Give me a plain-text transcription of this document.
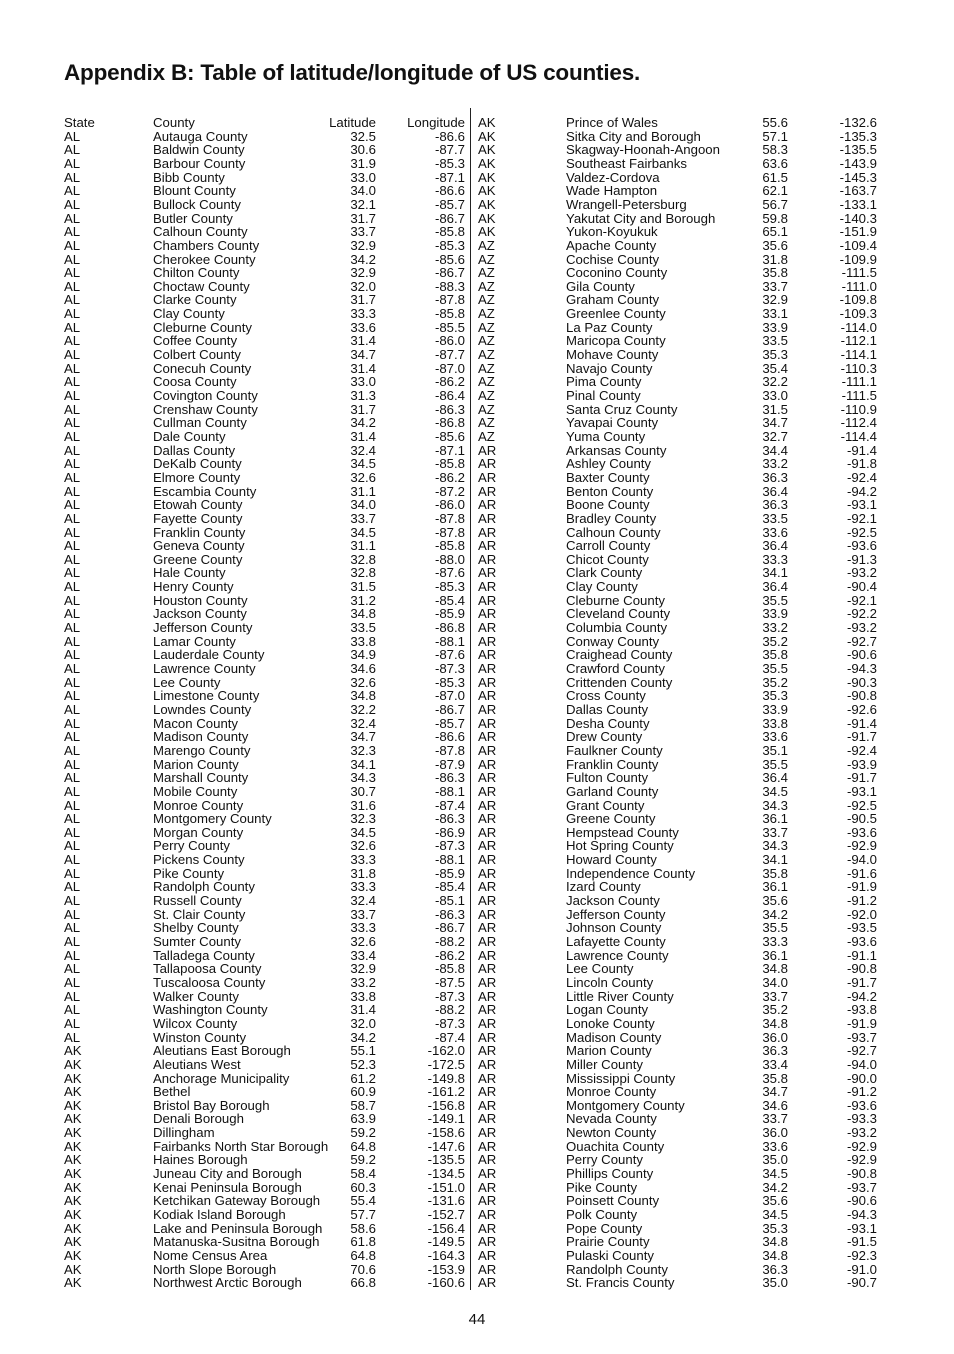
Appendix B: Table of latitude/longitude of US counties.
State	County	Latitude Longitude
AL	Autauga County	32.5	-86.6
AL	Baldwin County	30.6	-87.7
AL	Barbour County	31.9	-85.3
AL	Bibb County	33.0	-87.1
AL	Blount County	34.0	-86.6
AL	Bullock County	32.1	-85.7
AL	Butler County	31.7	-86.7
AL	Calhoun County	33.7	-85.8
AL	Chambers County	32.9	-85.3
AL	Cherokee County	34.2	-85.6
AL	Chilton County	32.9	-86.7
AL	Choctaw County	32.0	-88.3
AL	Clarke County	31.7	-87.8
AL	Clay County	33.3	-85.8
AL	Cleburne County	33.6	-85.5
AL	Coffee County	31.4	-86.0
AL	Colbert County	34.7	-87.7
AL	Conecuh County	31.4	-87.0
AL	Coosa County	33.0	-86.2
AL	Covington County	31.3	-86.4
AL	Crenshaw County	31.7	-86.3
AL	Cullman County	34.2	-86.8
AL	Dale County	31.4	-85.6
AL	Dallas County	32.4	-87.1
AL	DeKalb County	34.5	-85.8
AL	Elmore County	32.6	-86.2
AL	Escambia County	31.1	-87.2
AL	Etowah County	34.0	-86.0
AL	Fayette County	33.7	-87.8
AL	Franklin County	34.5	-87.8
AL	Geneva County	31.1	-85.8
AL	Greene County	32.8	-88.0
AL	Hale County	32.8	-87.6
AL	Henry County	31.5	-85.3
AL	Houston County	31.2	-85.4
AL	Jackson County	34.8	-85.9
AL	Jefferson County	33.5	-86.8
AL	Lamar County	33.8	-88.1
AL	Lauderdale County	34.9	-87.6
AL	Lawrence County	34.6	-87.3
AL	Lee County	32.6	-85.3
AL	Limestone County	34.8	-87.0
AL	Lowndes County	32.2	-86.7
AL	Macon County	32.4	-85.7
AL	Madison County	34.7	-86.6
AL	Marengo County	32.3	-87.8
AL	Marion County	34.1	-87.9
AL	Marshall County	34.3	-86.3
AL	Mobile County	30.7	-88.1
AL	Monroe County	31.6	-87.4
AL	Montgomery County	32.3	-86.3
AL	Morgan County	34.5	-86.9
AL	Perry County	32.6	-87.3
AL	Pickens County	33.3	-88.1
AL	Pike County	31.8	-85.9
AL	Randolph County	33.3	-85.4
AL	Russell County	32.4	-85.1
AL	St. Clair County	33.7	-86.3
AL	Shelby County	33.3	-86.7
AL	Sumter County	32.6	-88.2
AL	Talladega County	33.4	-86.2
AL	Tallapoosa County	32.9	-85.8
AL	Tuscaloosa County	33.2	-87.5
AL	Walker County	33.8	-87.3
AL	Washington County	31.4	-88.2
AL	Wilcox County	32.0	-87.3
AL	Winston County	34.2	-87.4
AK	Aleutians East Borough	55.1	-162.0
AK	Aleutians West	52.3	-172.5
AK	Anchorage Municipality	61.2	-149.8
AK	Bethel	60.9	-161.2
AK	Bristol Bay Borough	58.7	-156.8
AK	Denali Borough	63.9	-149.1
AK	Dillingham	59.2	-158.6
AK	Fairbanks North Star Borough 64.8	-147.6
AK	Haines Borough	59.2	-135.5
AK	Juneau City and Borough	58.4	-134.5
AK	Kenai Peninsula Borough	60.3	-151.0
AK	Ketchikan Gateway Borough 55.4	-131.6
AK	Kodiak Island Borough	57.7	-152.7
AK	Lake and Peninsula Borough 58.6	-156.4
AK	Matanuska-Susitna Borough 61.8	-149.5
AK	Nome Census Area	64.8	-164.3
AK	North Slope Borough	70.6	-153.9
AK	Northwest Arctic Borough	66.8	-160.6
AK	Prince of Wales	55.6	-132.6
AK	Sitka City and Borough	57.1	-135.3
AK	Skagway-Hoonah-Angoon	58.3	-135.5
AK	Southeast Fairbanks	63.6	-143.9
AK	Valdez-Cordova	61.5	-145.3
AK	Wade Hampton	62.1	-163.7
AK	Wrangell-Petersburg	56.7	-133.1
AK	Yakutat City and Borough	59.8	-140.3
AK	Yukon-Koyukuk	65.1	-151.9
AZ	Apache County	35.6	-109.4
AZ	Cochise County	31.8	-109.9
AZ	Coconino County	35.8	-111.5
AZ	Gila County	33.7	-111.0
AZ	Graham County	32.9	-109.8
AZ	Greenlee County	33.1	-109.3
AZ	La Paz County	33.9	-114.0
AZ	Maricopa County	33.5	-112.1
AZ	Mohave County	35.3	-114.1
AZ	Navajo County	35.4	-110.3
AZ	Pima County	32.2	-111.1
AZ	Pinal County	33.0	-111.5
AZ	Santa Cruz County	31.5	-110.9
AZ	Yavapai County	34.7	-112.4
AZ	Yuma County	32.7	-114.4
AR	Arkansas County	34.4	-91.4
AR	Ashley County	33.2	-91.8
AR	Baxter County	36.3	-92.4
AR	Benton County	36.4	-94.2
AR	Boone County	36.3	-93.1
AR	Bradley County	33.5	-92.1
AR	Calhoun County	33.6	-92.5
AR	Carroll County	36.4	-93.6
AR	Chicot County	33.3	-91.3
AR	Clark County	34.1	-93.2
AR	Clay County	36.4	-90.4
AR	Cleburne County	35.5	-92.1
AR	Cleveland County	33.9	-92.2
AR	Columbia County	33.2	-93.2
AR	Conway County	35.2	-92.7
AR	Craighead County	35.8	-90.6
AR	Crawford County	35.5	-94.3
AR	Crittenden County	35.2	-90.3
AR	Cross County	35.3	-90.8
AR	Dallas County	33.9	-92.6
AR	Desha County	33.8	-91.4
AR	Drew County	33.6	-91.7
AR	Faulkner County	35.1	-92.4
AR	Franklin County	35.5	-93.9
AR	Fulton County	36.4	-91.7
AR	Garland County	34.5	-93.1
AR	Grant County	34.3	-92.5
AR	Greene County	36.1	-90.5
AR	Hempstead County	33.7	-93.6
AR	Hot Spring County	34.3	-92.9
AR	Howard County	34.1	-94.0
AR	Independence County	35.8	-91.6
AR	Izard County	36.1	-91.9
AR	Jackson County	35.6	-91.2
AR	Jefferson County	34.2	-92.0
AR	Johnson County	35.5	-93.5
AR	Lafayette County	33.3	-93.6
AR	Lawrence County	36.1	-91.1
AR	Lee County	34.8	-90.8
AR	Lincoln County	34.0	-91.7
AR	Little River County	33.7	-94.2
AR	Logan County	35.2	-93.8
AR	Lonoke County	34.8	-91.9
AR	Madison County	36.0	-93.7
AR	Marion County	36.3	-92.7
AR	Miller County	33.4	-94.0
AR	Mississippi County	35.8	-90.0
AR	Monroe County	34.7	-91.2
AR	Montgomery County	34.6	-93.6
AR	Nevada County	33.7	-93.3
AR	Newton County	36.0	-93.2
AR	Ouachita County	33.6	-92.9
AR	Perry County	35.0	-92.9
AR	Phillips County	34.5	-90.8
AR	Pike County	34.2	-93.7
AR	Poinsett County	35.6	-90.6
AR	Polk County	34.5	-94.3
AR	Pope County	35.3	-93.1
AR	Prairie County	34.8	-91.5
AR	Pulaski County	34.8	-92.3
AR	Randolph County	36.3	-91.0
AR	St. Francis County	35.0	-90.7
44
